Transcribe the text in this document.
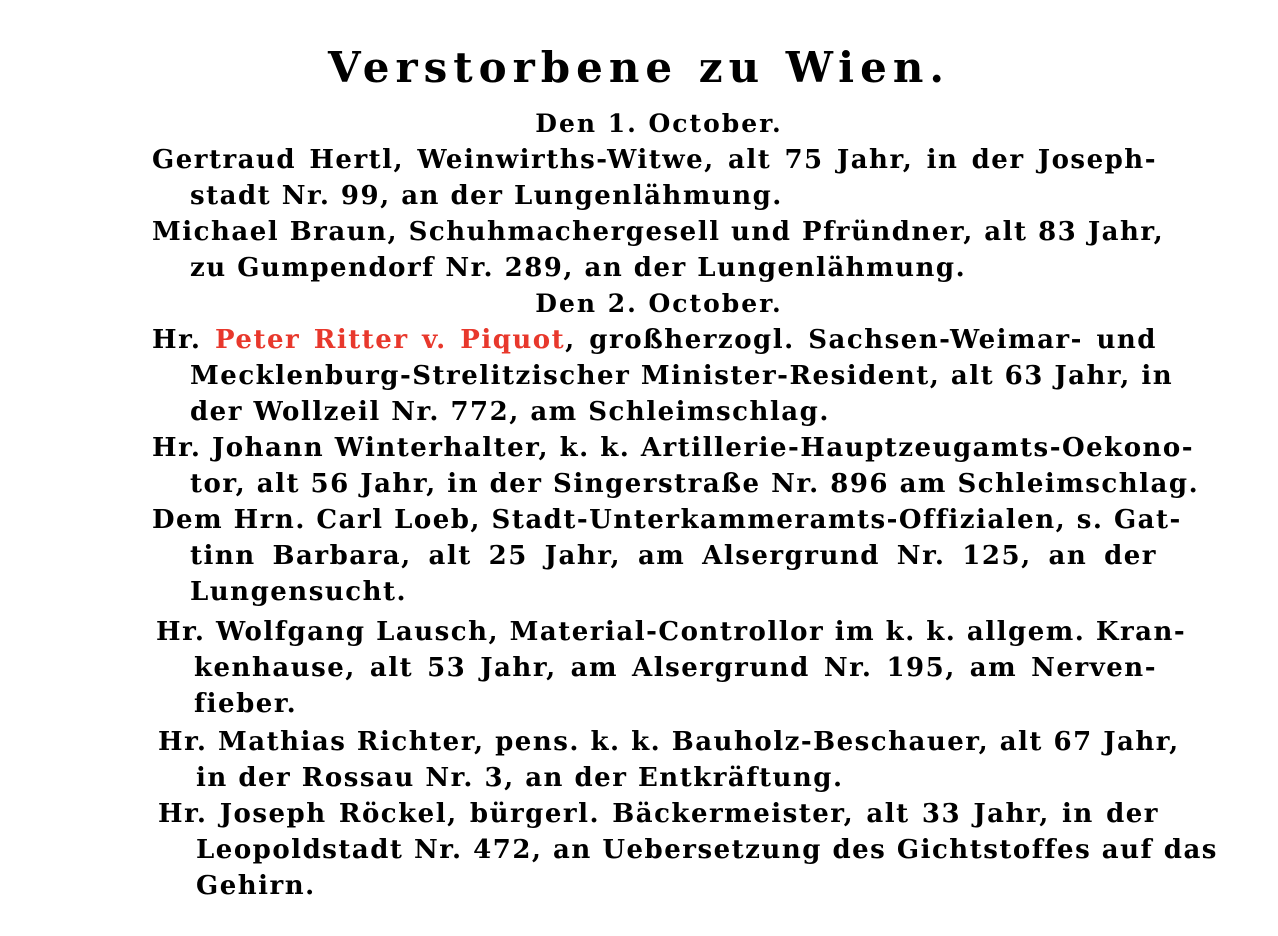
Verstorbene zu Wien.
Den 1. October.
Gertraud Hertl, Weinwirths-Witwe, alt 75 Jahr, in der Joseph-
stadt Nr. 99, an der Lungenlähmung.
Michael Braun, Schuhmachergesell und Pfründner, alt 83 Jahr,
zu Gumpendorf Nr. 289, an der Lungenlähmung.
Den 2. October.
Hr. Peter Ritter v. Piquot, großherzogl. Sachsen-Weimar- und
Mecklenburg-Strelitzischer Minister-Resident, alt 63 Jahr, in
der Wollzeil Nr. 772, am Schleimschlag.
Hr. Johann Winterhalter, k. k. Artillerie-Hauptzeugamts-Oekono-
tor, alt 56 Jahr, in der Singerstraße Nr. 896 am Schleimschlag.
Dem Hrn. Carl Loeb, Stadt-Unterkammeramts-Offizialen, s. Gat-
tinn Barbara, alt 25 Jahr, am Alsergrund Nr. 125, an der
Lungensucht.
Hr. Wolfgang Lausch, Material-Controllor im k. k. allgem. Kran-
kenhause, alt 53 Jahr, am Alsergrund Nr. 195, am Nerven-
fieber.
Hr. Mathias Richter, pens. k. k. Bauholz-Beschauer, alt 67 Jahr,
in der Rossau Nr. 3, an der Entkräftung.
Hr. Joseph Röckel, bürgerl. Bäckermeister, alt 33 Jahr, in der
Leopoldstadt Nr. 472, an Uebersetzung des Gichtstoffes auf das
Gehirn.
